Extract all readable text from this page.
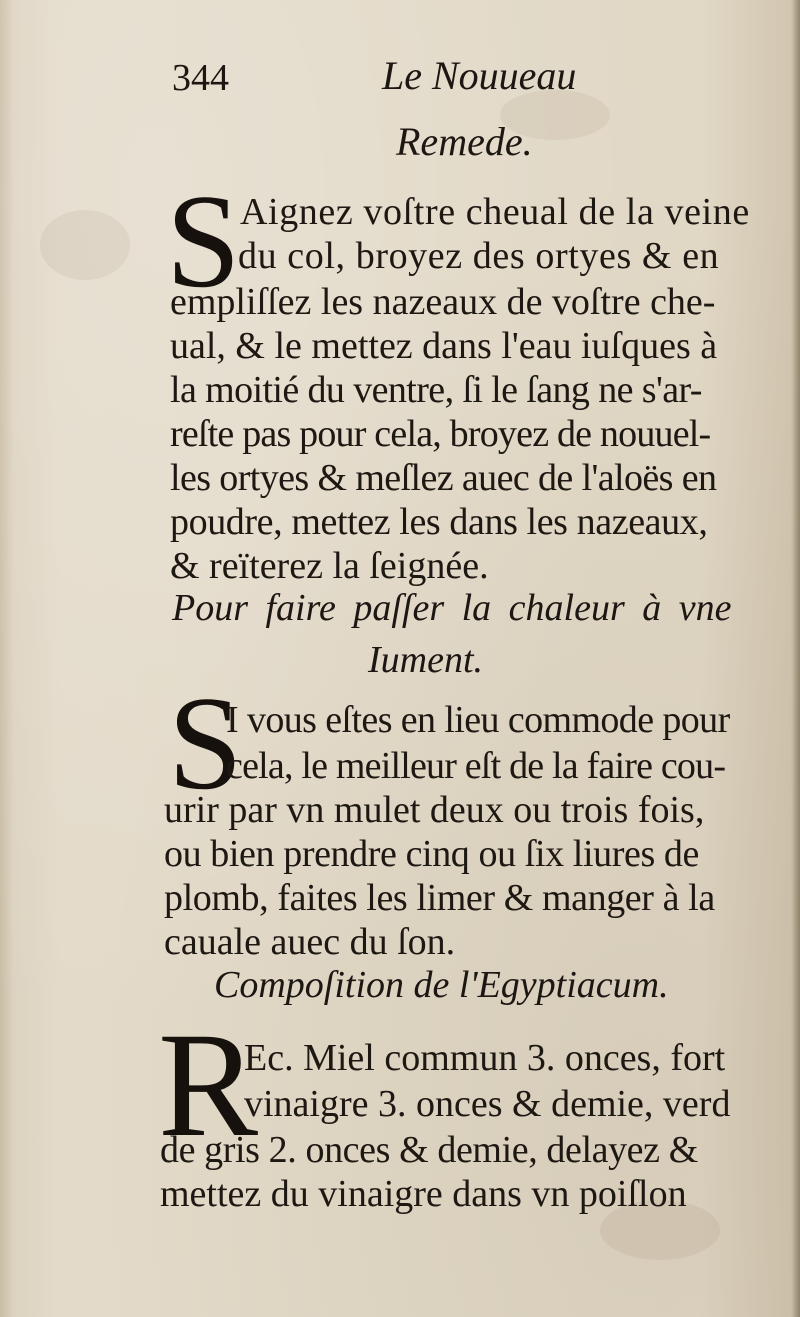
344	Le Nouueau
Remede.
S Aignez voſtre cheual de la veine
du col, broyez des ortyes & en
empliſſez les nazeaux de voſtre che-
ual, & le mettez dans l'eau iuſques à
la moitié du ventre, ſi le ſang ne s'ar-
reſte pas pour cela, broyez de nouuel-
les ortyes & meſlez auec de l'aloës en
poudre, mettez les dans les nazeaux,
& reïterez la ſeignée.
Pour faire paſſer la chaleur à vne
Iument.
S
I vous eſtes en lieu commode pour
cela, le meilleur eſt de la faire cou-
urir par vn mulet deux ou trois fois,
ou bien prendre cinq ou ſix liures de
plomb, faites les limer & manger à la
cauale auec du ſon.
Compoſition de l'Egyptiacum.
R
Ec. Miel commun 3. onces, fort
vinaigre 3. onces & demie, verd
de gris 2. onces & demie, delayez &
mettez du vinaigre dans vn poiſlon
